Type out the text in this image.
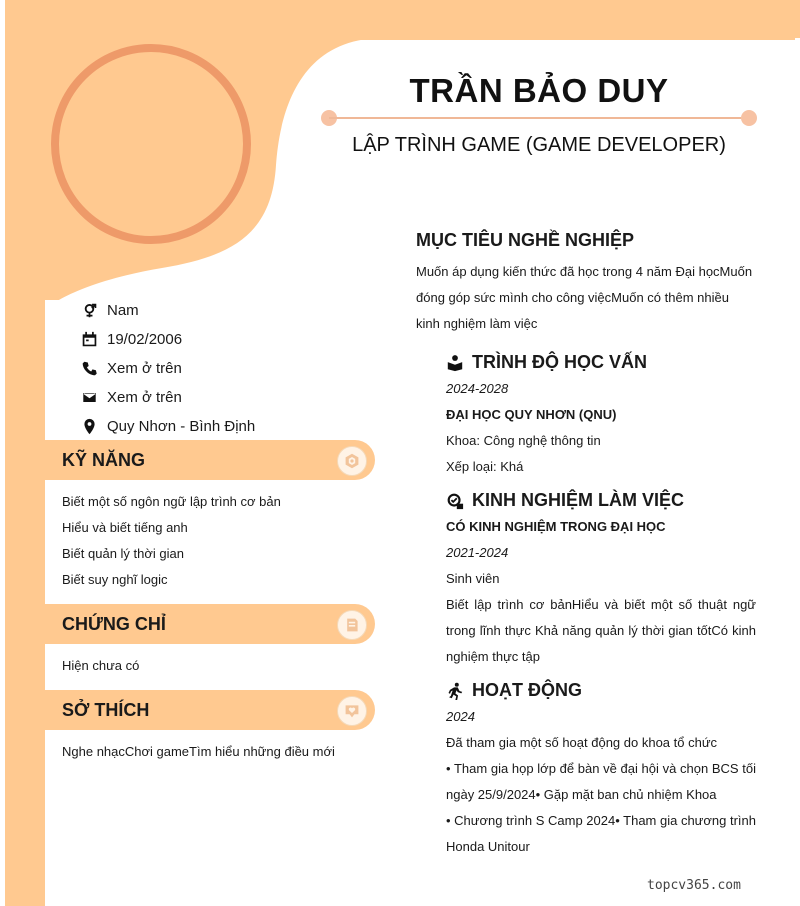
TRẦN BẢO DUY
LẬP TRÌNH GAME (GAME DEVELOPER)
Nam
19/02/2006
Xem ở trên
Xem ở trên
Quy Nhơn - Bình Định
KỸ NĂNG
Biết một số ngôn ngữ lập trình cơ bản
Hiểu và biết tiếng anh
Biết quản lý thời gian
Biết suy nghĩ logic
CHỨNG CHỈ
Hiện chưa có
SỞ THÍCH
Nghe nhạcChơi gameTìm hiểu những điều mới
MỤC TIÊU NGHỀ NGHIỆP
Muốn áp dụng kiến thức đã học trong 4 năm Đại họcMuốn
đóng góp sức mình cho công việcMuốn có thêm nhiều
kinh nghiệm làm việc
TRÌNH ĐỘ HỌC VẤN
2024-2028
ĐẠI HỌC QUY NHƠN (QNU)
Khoa: Công nghệ thông tin
Xếp loại: Khá
KINH NGHIỆM LÀM VIỆC
CÓ KINH NGHIỆM TRONG ĐẠI HỌC
2021-2024
Sinh viên
Biết lập trình cơ bảnHiểu và biết một số thuật ngữ
trong lĩnh thực Khả năng quản lý thời gian tốtCó kinh
nghiệm thực tập
HOẠT ĐỘNG
2024
Đã tham gia một số hoạt động do khoa tổ chức
• Tham gia họp lớp để bàn về đại hội và chọn BCS tối
ngày 25/9/2024• Gặp mặt ban chủ nhiệm Khoa
• Chương trình S Camp 2024• Tham gia chương trình
Honda Unitour
topcv365.com
